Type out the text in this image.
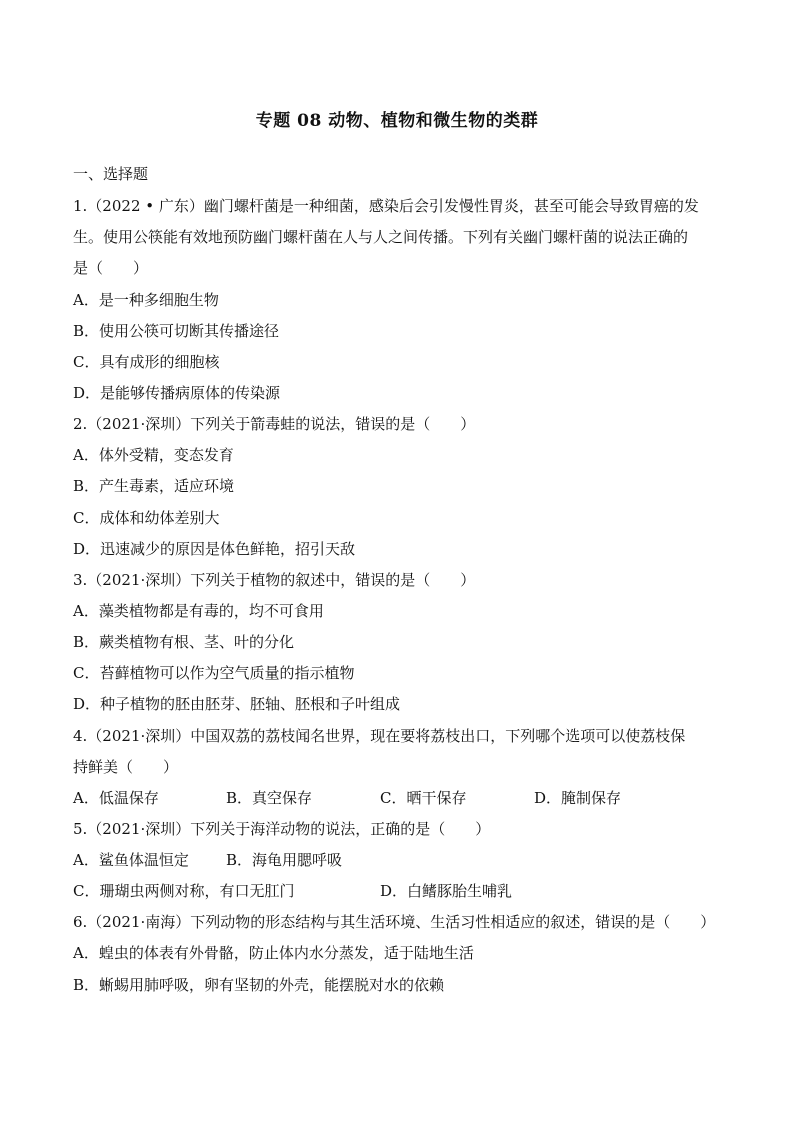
专题 08 动物、植物和微生物的类群
一、选择题
1.（2022 • 广东）幽门螺杆菌是一种细菌，感染后会引发慢性胃炎，甚至可能会导致胃癌的发
生。使用公筷能有效地预防幽门螺杆菌在人与人之间传播。下列有关幽门螺杆菌的说法正确的
是（　　）
A．是一种多细胞生物
B．使用公筷可切断其传播途径
C．具有成形的细胞核
D．是能够传播病原体的传染源
2.（2021·深圳）下列关于箭毒蛙的说法，错误的是（　　）
A．体外受精，变态发育
B．产生毒素，适应环境
C．成体和幼体差别大
D．迅速减少的原因是体色鲜艳，招引天敌
3.（2021·深圳）下列关于植物的叙述中，错误的是（　　）
A．藻类植物都是有毒的，均不可食用
B．蕨类植物有根、茎、叶的分化
C．苔藓植物可以作为空气质量的指示植物
D．种子植物的胚由胚芽、胚轴、胚根和子叶组成
4.（2021·深圳）中国双荔的荔枝闻名世界，现在要将荔枝出口，下列哪个选项可以使荔枝保
持鲜美（　　）
A．低温保存	B．真空保存	C．晒干保存	D．腌制保存
5.（2021·深圳）下列关于海洋动物的说法，正确的是（　　）
A．鲨鱼体温恒定 B．海龟用腮呼吸
C．珊瑚虫两侧对称，有口无肛门	D．白鳍豚胎生哺乳
6.（2021·南海）下列动物的形态结构与其生活环境、生活习性相适应的叙述，错误的是（　　）
A．蝗虫的体表有外骨骼，防止体内水分蒸发，适于陆地生活
B．蜥蜴用肺呼吸，卵有坚韧的外壳，能摆脱对水的依赖
